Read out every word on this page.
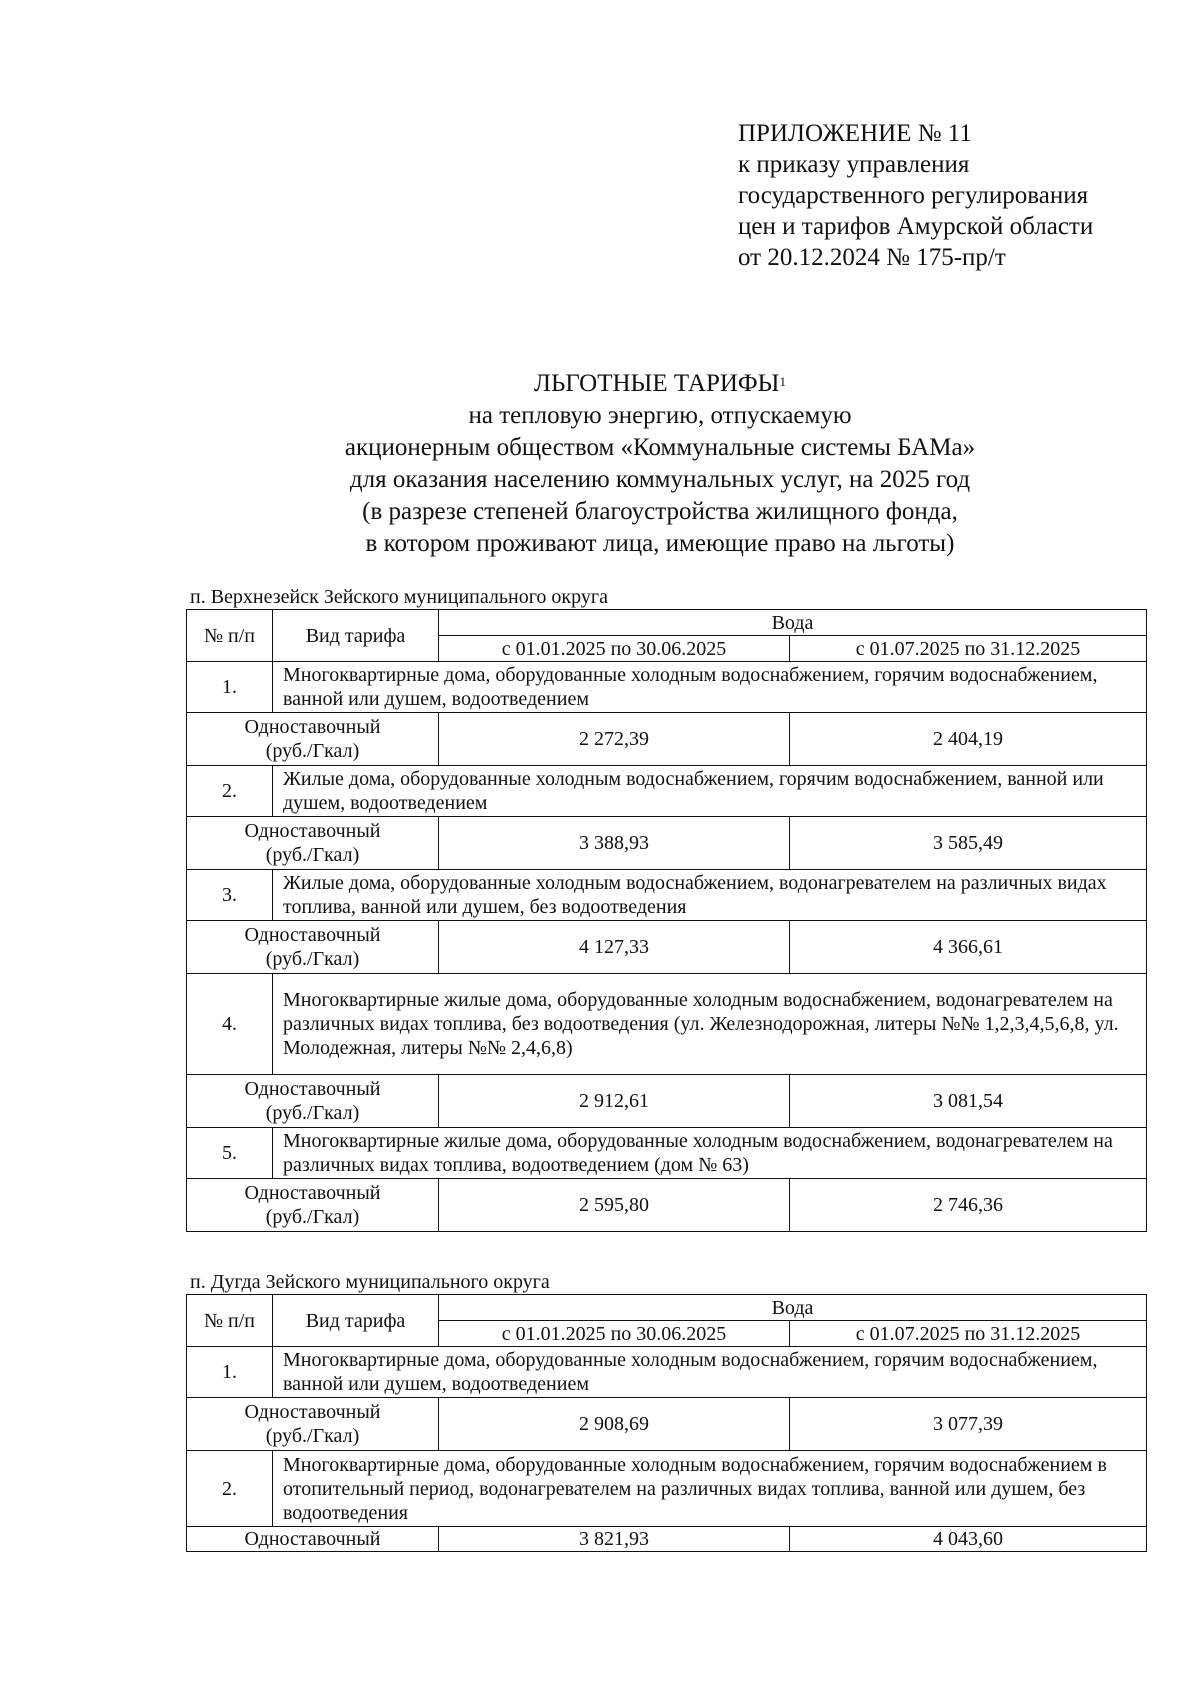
ПРИЛОЖЕНИЕ № 11
к приказу управления
государственного регулирования
цен и тарифов Амурской области
от 20.12.2024 № 175-пр/т
ЛЬГОТНЫЕ ТАРИФЫ$^1$
на тепловую энергию, отпускаемую
акционерным обществом «Коммунальные системы БАМа»
для оказания населению коммунальных услуг, на 2025 год
(в разрезе степеней благоустройства жилищного фонда,
в котором проживают лица, имеющие право на льготы)
п. Верхнезейск Зейского муниципального округа
№ п/п	Вид тарифа	Вода	
		с 01.01.2025 по 30.06.2025	с 01.07.2025 по 31.12.2025
1.	Многоквартирные дома, оборудованные холодным водоснабжением, горячим водоснабжением, ванной или душем, водоотведением		
Одноставочный
(руб./Гкал)		2 272,39	2 404,19
2.	Жилые дома, оборудованные холодным водоснабжением, горячим водоснабжением, ванной или душем, водоотведением		
Одноставочный
(руб./Гкал)		3 388,93	3 585,49
3.	Жилые дома, оборудованные холодным водоснабжением, водонагревателем на различных видах топлива, ванной или душем, без водоотведения		
Одноставочный
(руб./Гкал)		4 127,33	4 366,61
4.	Многоквартирные жилые дома, оборудованные холодным водоснабжением, водонагревателем на различных видах топлива, без водоотведения (ул. Железнодорожная, литеры №№ 1,2,3,4,5,6,8, ул. Молодежная, литеры №№ 2,4,6,8)		
Одноставочный
(руб./Гкал)		2 912,61	3 081,54
5.	Многоквартирные жилые дома, оборудованные холодным водоснабжением, водонагревателем на различных видах топлива, водоотведением (дом № 63)		
Одноставочный
(руб./Гкал)		2 595,80	2 746,36
п. Дугда Зейского муниципального округа
№ п/п	Вид тарифа	Вода	
		с 01.01.2025 по 30.06.2025	с 01.07.2025 по 31.12.2025
1.	Многоквартирные дома, оборудованные холодным водоснабжением, горячим водоснабжением, ванной или душем, водоотведением		
Одноставочный
(руб./Гкал)		2 908,69	3 077,39
2.	Многоквартирные дома, оборудованные холодным водоснабжением, горячим водоснабжением в отопительный период, водонагревателем на различных видах топлива, ванной или душем, без водоотведения		
Одноставочный		3 821,93	4 043,60
